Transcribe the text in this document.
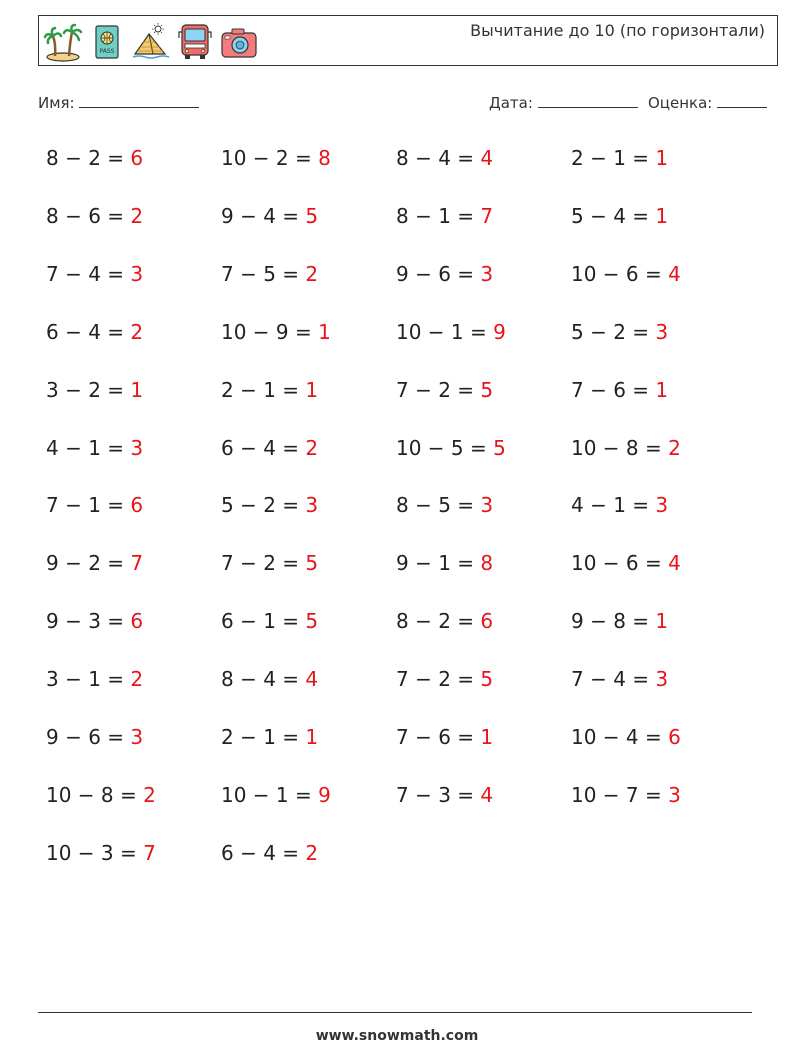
PASS
Вычитание до 10 (по горизонтали)
Имя:	Дата:	Оценка:
8 − 2 = 6
8 − 6 = 2
7 − 4 = 3
6 − 4 = 2
3 − 2 = 1
4 − 1 = 3
7 − 1 = 6
9 − 2 = 7
9 − 3 = 6
3 − 1 = 2
9 − 6 = 3
10 − 8 = 2
10 − 3 = 7
10 − 2 = 8
9 − 4 = 5
7 − 5 = 2
10 − 9 = 1
2 − 1 = 1
6 − 4 = 2
5 − 2 = 3
7 − 2 = 5
6 − 1 = 5
8 − 4 = 4
2 − 1 = 1
10 − 1 = 9
6 − 4 = 2
8 − 4 = 4
8 − 1 = 7
9 − 6 = 3
10 − 1 = 9
7 − 2 = 5
10 − 5 = 5
8 − 5 = 3
9 − 1 = 8
8 − 2 = 6
7 − 2 = 5
7 − 6 = 1
7 − 3 = 4
2 − 1 = 1
5 − 4 = 1
10 − 6 = 4
5 − 2 = 3
7 − 6 = 1
10 − 8 = 2
4 − 1 = 3
10 − 6 = 4
9 − 8 = 1
7 − 4 = 3
10 − 4 = 6
10 − 7 = 3
www.snowmath.com
